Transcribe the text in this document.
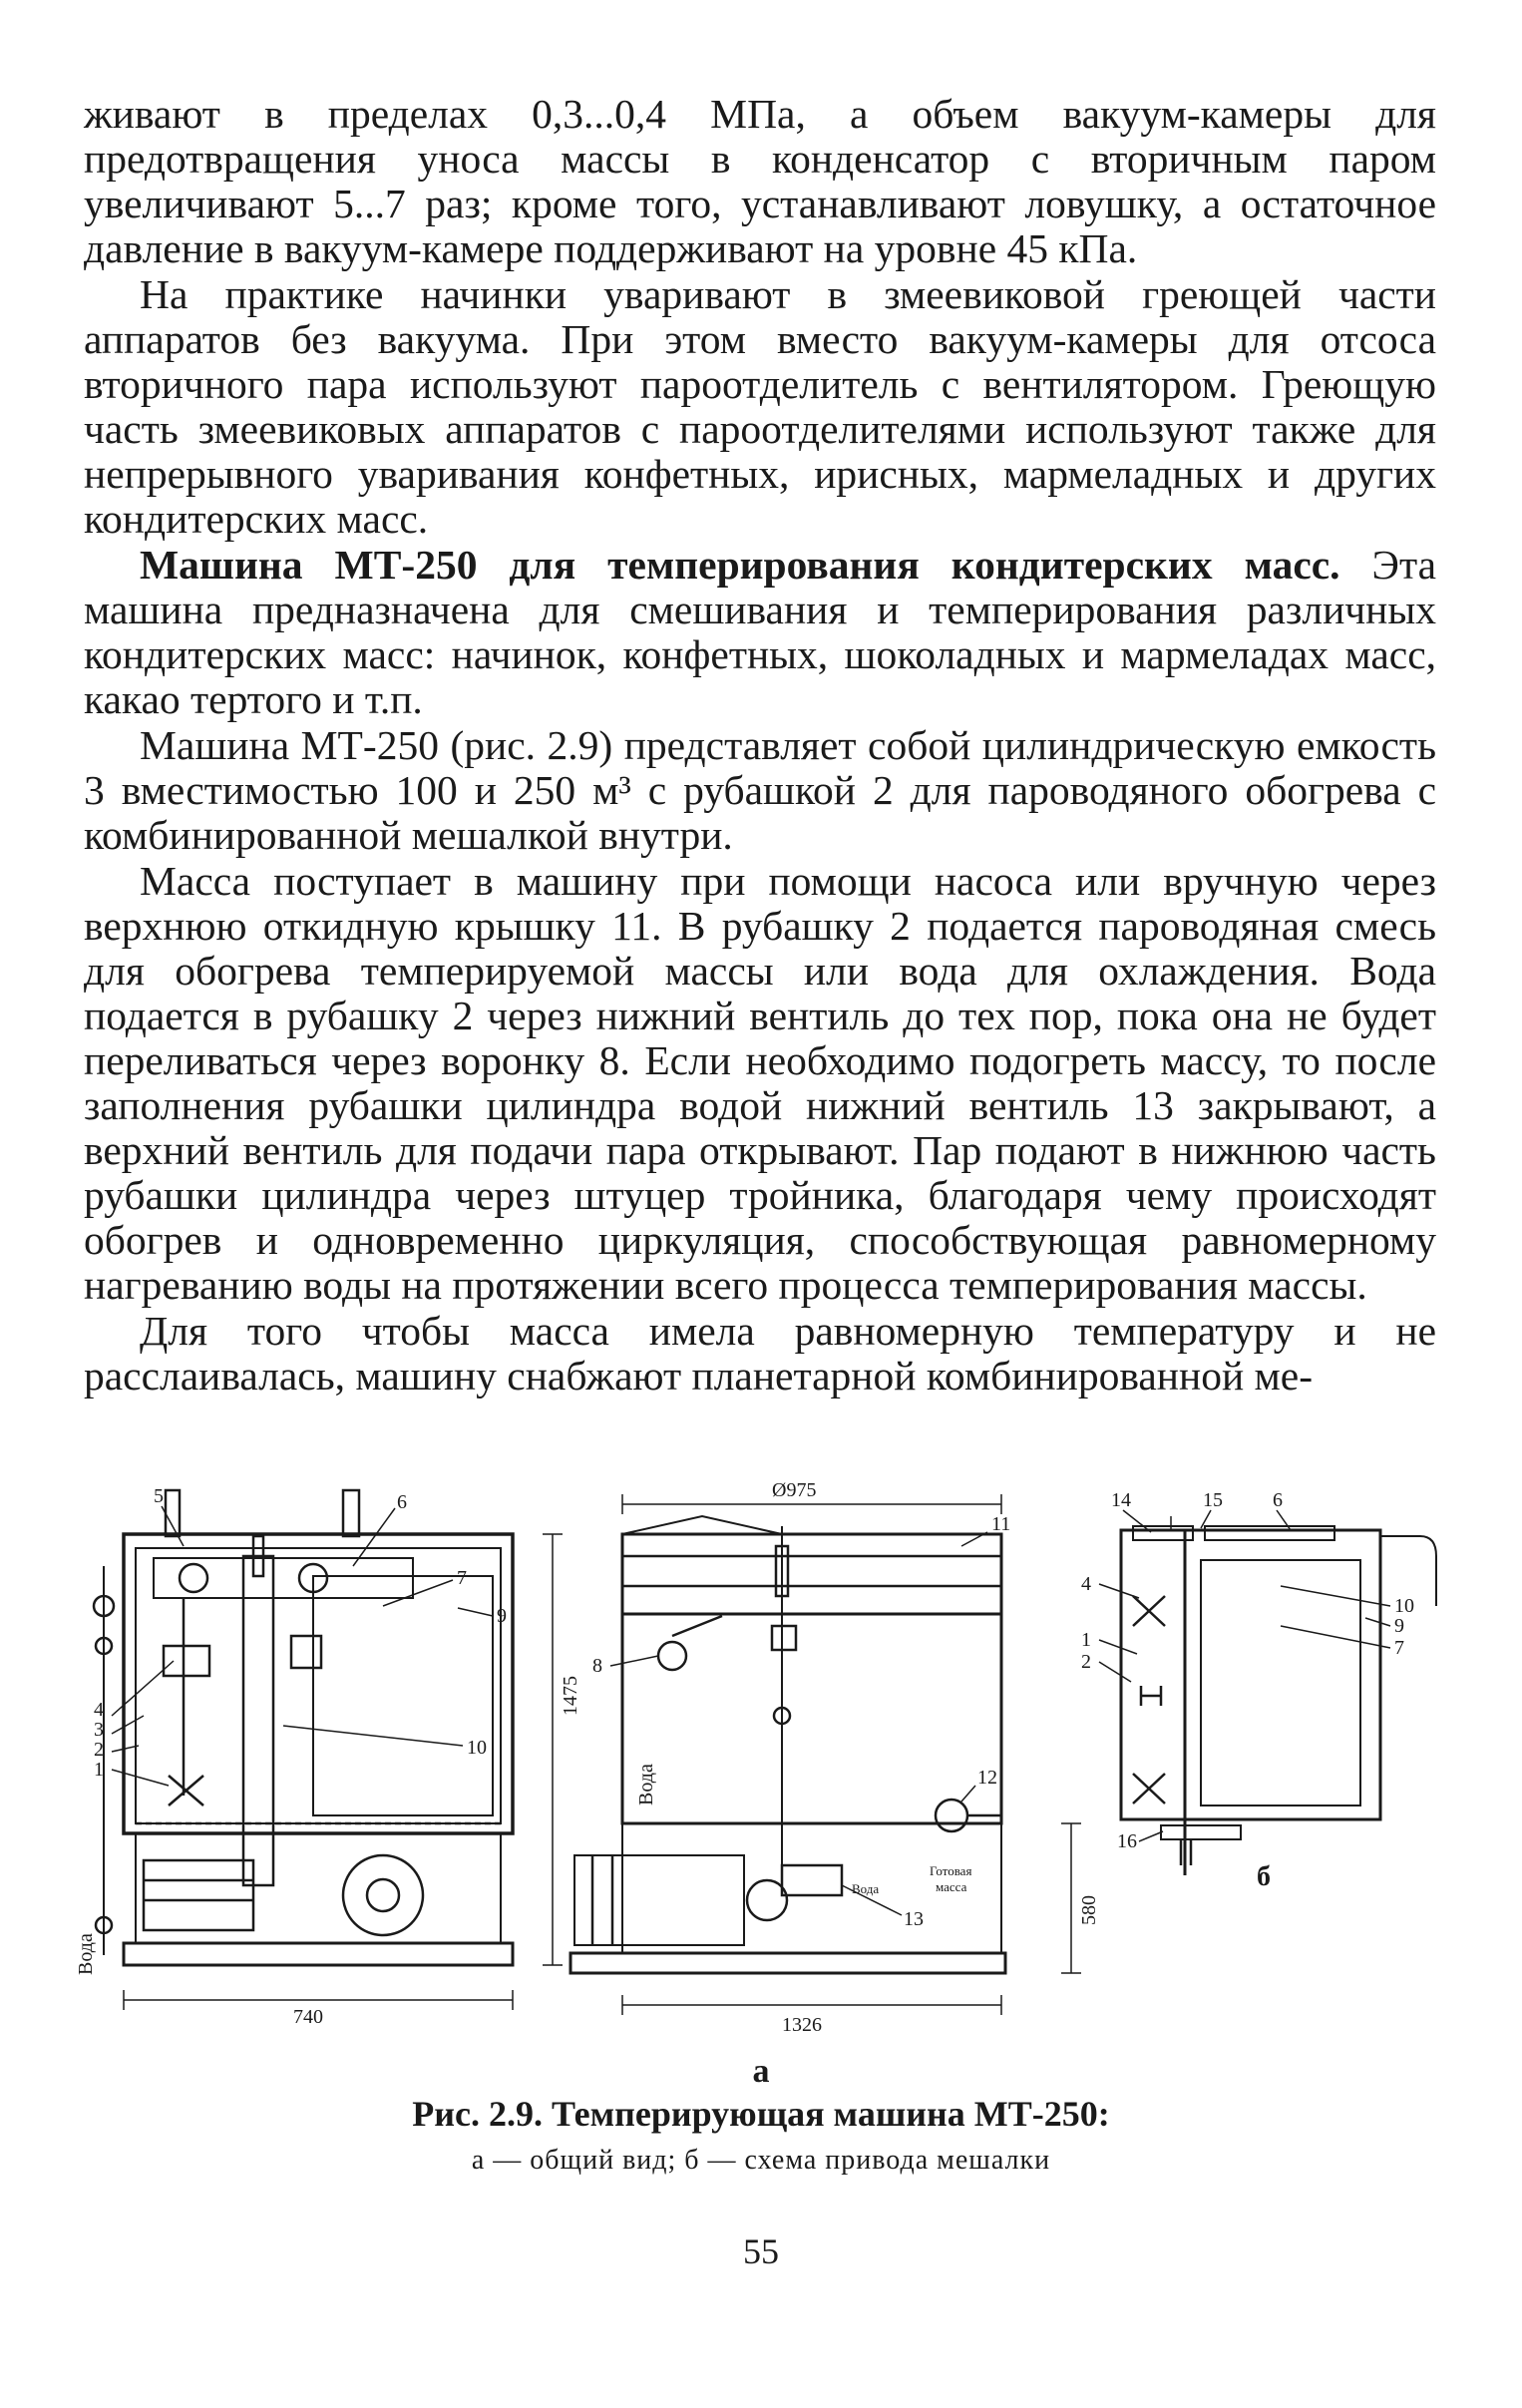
живают в пределах 0,3...0,4 МПа, а объем вакуум-камеры для предотвращения уноса массы в конденсатор с вторичным паром увеличивают 5...7 раз; кроме того, устанавливают ловушку, а остаточное давление в вакуум-камере поддерживают на уровне 45 кПа.

На практике начинки уваривают в змеевиковой греющей части аппаратов без вакуума. При этом вместо вакуум-камеры для отсоса вторичного пара используют пароотделитель с вентилятором. Греющую часть змеевиковых аппаратов с пароотделителями используют также для непрерывного уваривания конфетных, ирисных, мармеладных и других кондитерских масс.

Машина МТ-250 для темперирования кондитерских масс. Эта машина предназначена для смешивания и темперирования различных кондитерских масс: начинок, конфетных, шоколадных и мармеладах масс, какао тертого и т.п.

Машина МТ-250 (рис. 2.9) представляет собой цилиндрическую емкость 3 вместимостью 100 и 250 м³ с рубашкой 2 для пароводяного обогрева с комбинированной мешалкой внутри.

Масса поступает в машину при помощи насоса или вручную через верхнюю откидную крышку 11. В рубашку 2 подается пароводяная смесь для обогрева темперируемой массы или вода для охлаждения. Вода подается в рубашку 2 через нижний вентиль до тех пор, пока она не будет переливаться через воронку 8. Если необходимо подогреть массу, то после заполнения рубашки цилиндра водой нижний вентиль 13 закрывают, а верхний вентиль для подачи пара открывают. Пар подают в нижнюю часть рубашки цилиндра через штуцер тройника, благодаря чему происходят обогрев и одновременно циркуляция, способствующая равномерному нагреванию воды на протяжении всего процесса темперирования массы.

Для того чтобы масса имела равномерную температуру и не расслаивалась, машину снабжают планетарной комбинированной ме-

5	6
7
9
10
4
3
2
1
1475
740
Вода
Ø975
11
8
12
13
Вода
Вода
Готовая
масса
580
1326
14	15	6
4
1
2
10
9
7
16
б
а
Рис. 2.9. Темперирующая машина МТ-250:
а — общий вид; б — схема привода мешалки
55
